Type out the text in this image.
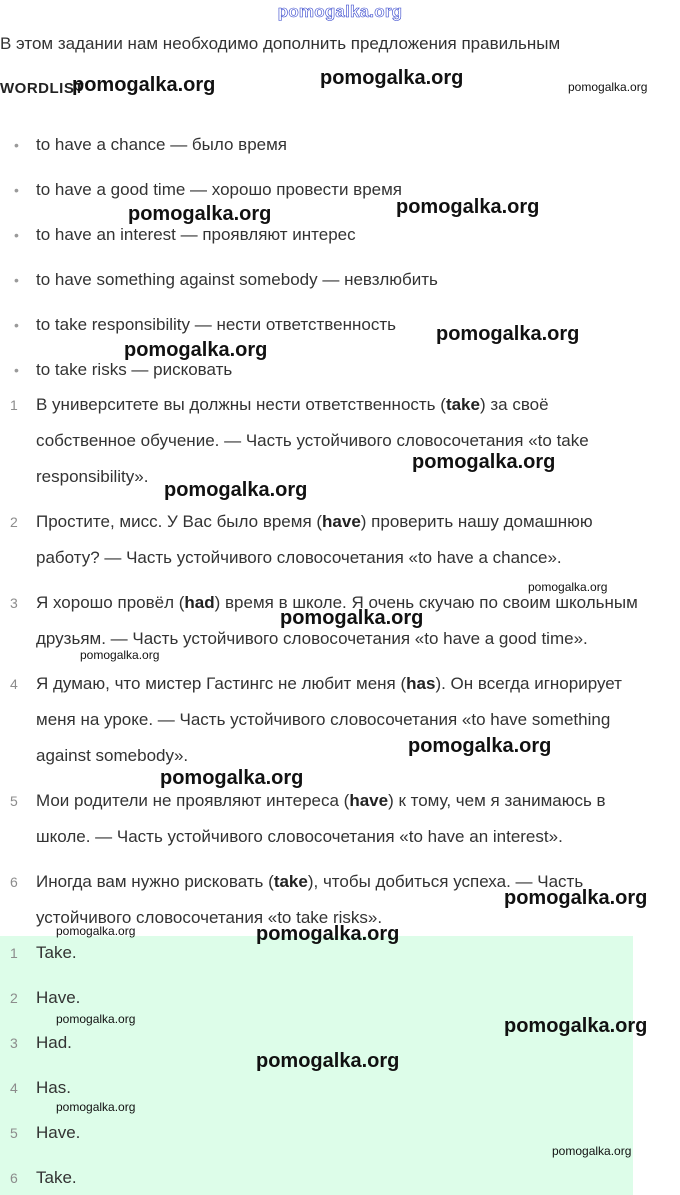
pomogalka.org
В этом задании нам необходимо дополнить предложения правильным
WORDLIST
• to have a chance — было время
• to have a good time — хорошо провести время
• to have an interest — проявляют интерес
• to have something against somebody — невзлюбить
• to take responsibility — нести ответственность
• to take risks — рисковать
1	В университете вы должны нести ответственность (take) за своё
собственное обучение. — Часть устойчивого словосочетания «to take
responsibility».
2	Простите, мисс. У Вас было время (have) проверить нашу домашнюю
работу? — Часть устойчивого словосочетания «to have a chance».
3	Я хорошо провёл (had) время в школе. Я очень скучаю по своим школьным
друзьям. — Часть устойчивого словосочетания «to have a good time».
4	Я думаю, что мистер Гастингс не любит меня (has). Он всегда игнорирует
меня на уроке. — Часть устойчивого словосочетания «to have something
against somebody».
5	Мои родители не проявляют интереса (have) к тому, чем я занимаюсь в
школе. — Часть устойчивого словосочетания «to have an interest».
6	Иногда вам нужно рисковать (take), чтобы добиться успеха. — Часть
устойчивого словосочетания «to take risks».
1	Take.
2	Have.
3	Had.
4	Has.
5	Have.
6	Take.
pomogalka.org	pomogalka.org	pomogalka.org
pomogalka.org	pomogalka.org
pomogalka.org
pomogalka.org
pomogalka.org
pomogalka.org
pomogalka.org
pomogalka.org
pomogalka.org
pomogalka.org
pomogalka.org
pomogalka.org
pomogalka.org	pomogalka.org
pomogalka.org	pomogalka.org
pomogalka.org
pomogalka.org
pomogalka.org
